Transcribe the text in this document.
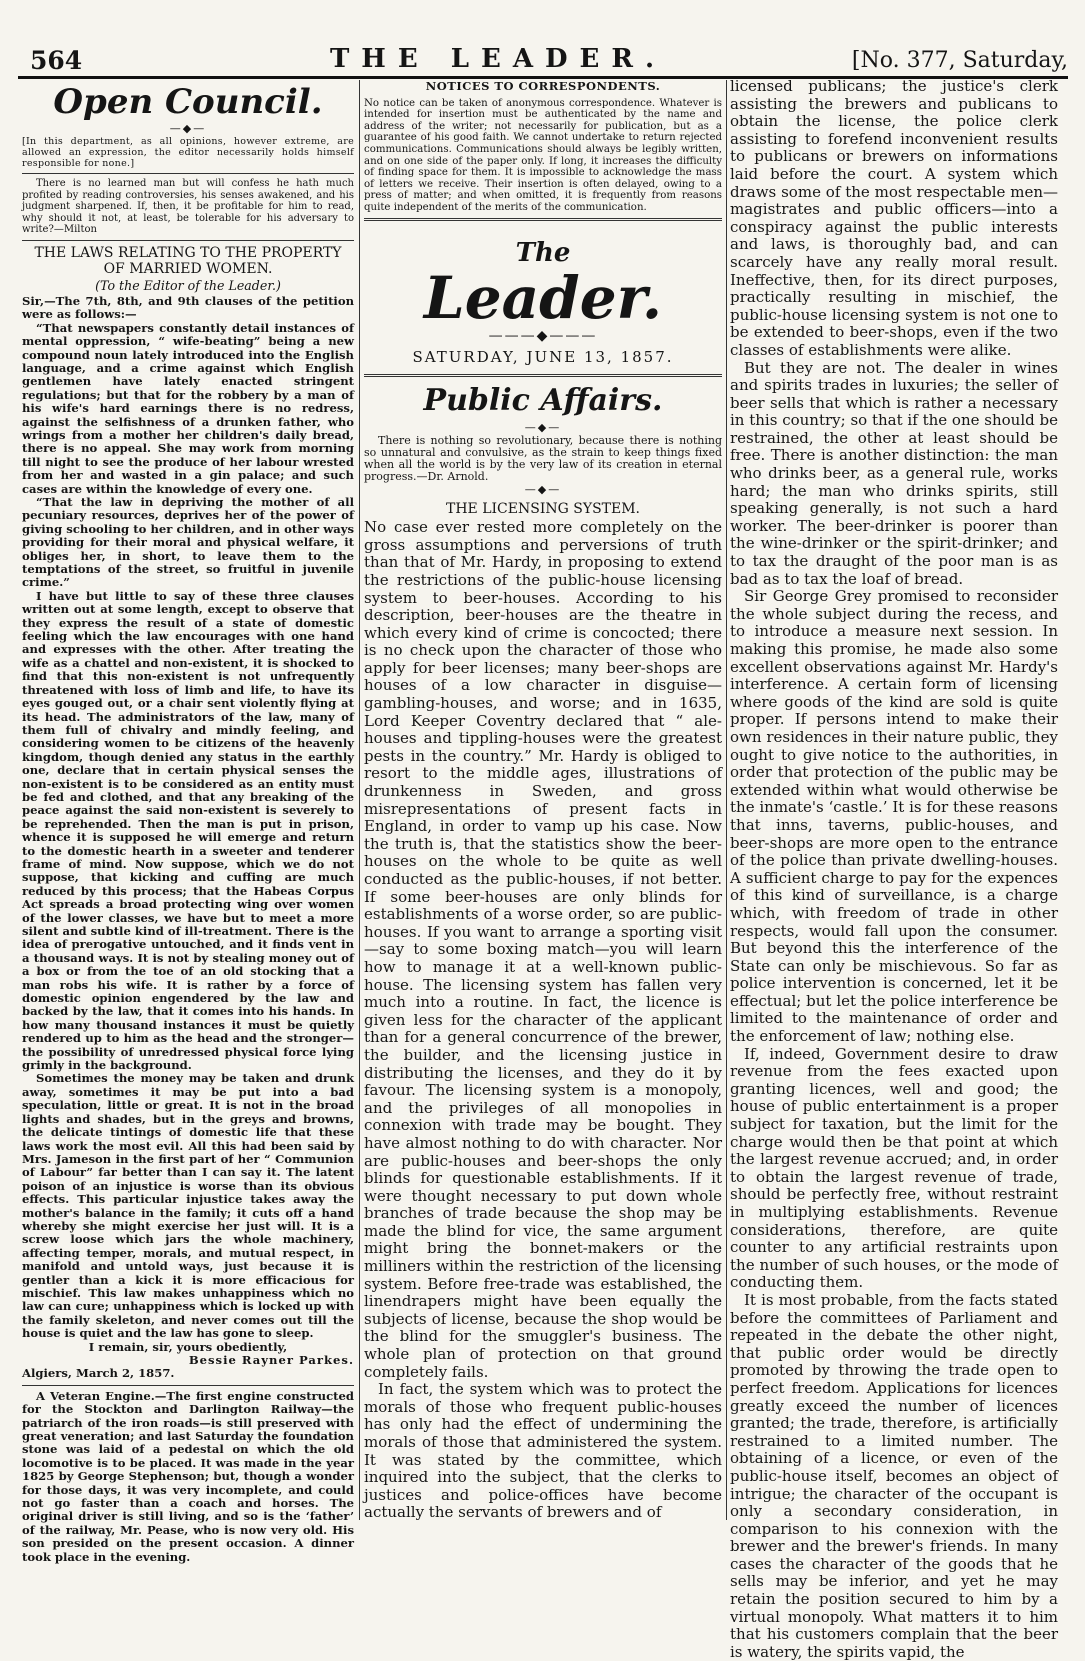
564	THE LEADER.	[No. 377, Saturday,
Open Council.
—◆—

[In this department, as all opinions, however extreme, are allowed an expression, the editor necessarily holds himself responsible for none.]

There is no learned man but will confess he hath much profited by reading controversies, his senses awakened, and his judgment sharpened. If, then, it be profitable for him to read, why should it not, at least, be tolerable for his adversary to write?—Milton

THE LAWS RELATING TO THE PROPERTY OF MARRIED WOMEN.
(To the Editor of the Leader.)

Sir,—The 7th, 8th, and 9th clauses of the petition were as follows:—

“That newspapers constantly detail instances of mental oppression, “ wife-beating” being a new compound noun lately introduced into the English language, and a crime against which English gentlemen have lately enacted stringent regulations; but that for the robbery by a man of his wife's hard earnings there is no redress, against the selfishness of a drunken father, who wrings from a mother her children's daily bread, there is no appeal. She may work from morning till night to see the produce of her labour wrested from her and wasted in a gin palace; and such cases are within the knowledge of every one.

“That the law in depriving the mother of all pecuniary resources, deprives her of the power of giving schooling to her children, and in other ways providing for their moral and physical welfare, it obliges her, in short, to leave them to the temptations of the street, so fruitful in juvenile crime.”

I have but little to say of these three clauses written out at some length, except to observe that they express the result of a state of domestic feeling which the law encourages with one hand and expresses with the other. After treating the wife as a chattel and non-existent, it is shocked to find that this non-existent is not unfrequently threatened with loss of limb and life, to have its eyes gouged out, or a chair sent violently flying at its head. The administrators of the law, many of them full of chivalry and mindly feeling, and considering women to be citizens of the heavenly kingdom, though denied any status in the earthly one, declare that in certain physical senses the non-existent is to be considered as an entity must be fed and clothed, and that any breaking of the peace against the said non-existent is severely to be reprehended. Then the man is put in prison, whence it is supposed he will emerge and return to the domestic hearth in a sweeter and tenderer frame of mind. Now suppose, which we do not suppose, that kicking and cuffing are much reduced by this process; that the Habeas Corpus Act spreads a broad protecting wing over women of the lower classes, we have but to meet a more silent and subtle kind of ill-treatment. There is the idea of prerogative untouched, and it finds vent in a thousand ways. It is not by stealing money out of a box or from the toe of an old stocking that a man robs his wife. It is rather by a force of domestic opinion engendered by the law and backed by the law, that it comes into his hands. In how many thousand instances it must be quietly rendered up to him as the head and the stronger—the possibility of unredressed physical force lying grimly in the background.

Sometimes the money may be taken and drunk away, sometimes it may be put into a bad speculation, little or great. It is not in the broad lights and shades, but in the greys and browns, the delicate tintings of domestic life that these laws work the most evil. All this had been said by Mrs. Jameson in the first part of her “ Communion of Labour” far better than I can say it. The latent poison of an injustice is worse than its obvious effects. This particular injustice takes away the mother's balance in the family; it cuts off a hand whereby she might exercise her just will. It is a screw loose which jars the whole machinery, affecting temper, morals, and mutual respect, in manifold and untold ways, just because it is gentler than a kick it is more efficacious for mischief. This law makes unhappiness which no law can cure; unhappiness which is locked up with the family skeleton, and never comes out till the house is quiet and the law has gone to sleep.

I remain, sir, yours obediently,

Bessie Rayner Parkes.

Algiers, March 2, 1857.

A Veteran Engine.—The first engine constructed for the Stockton and Darlington Railway—the patriarch of the iron roads—is still preserved with great veneration; and last Saturday the foundation stone was laid of a pedestal on which the old locomotive is to be placed. It was made in the year 1825 by George Stephenson; but, though a wonder for those days, it was very incomplete, and could not go faster than a coach and horses. The original driver is still living, and so is the ‘father’ of the railway, Mr. Pease, who is now very old. His son presided on the present occasion. A dinner took place in the evening.

NOTICES TO CORRESPONDENTS.

No notice can be taken of anonymous correspondence. Whatever is intended for insertion must be authenticated by the name and address of the writer; not necessarily for publication, but as a guarantee of his good faith. We cannot undertake to return rejected communications. Communications should always be legibly written, and on one side of the paper only. If long, it increases the difficulty of finding space for them. It is impossible to acknowledge the mass of letters we receive. Their insertion is often delayed, owing to a press of matter; and when omitted, it is frequently from reasons quite independent of the merits of the communication.

The
Leader.
———◆———
SATURDAY, JUNE 13, 1857.
Public Affairs.
—◆—

There is nothing so revolutionary, because there is nothing so unnatural and convulsive, as the strain to keep things fixed when all the world is by the very law of its creation in eternal progress.—Dr. Arnold.

—◆—
THE LICENSING SYSTEM.

No case ever rested more completely on the gross assumptions and perversions of truth than that of Mr. Hardy, in proposing to extend the restrictions of the public-house licensing system to beer-houses. According to his description, beer-houses are the theatre in which every kind of crime is concocted; there is no check upon the character of those who apply for beer licenses; many beer-shops are houses of a low character in disguise—gambling-houses, and worse; and in 1635, Lord Keeper Coventry declared that “ ale-houses and tippling-houses were the greatest pests in the country.” Mr. Hardy is obliged to resort to the middle ages, illustrations of drunkenness in Sweden, and gross misrepresentations of present facts in England, in order to vamp up his case. Now the truth is, that the statistics show the beer-houses on the whole to be quite as well conducted as the public-houses, if not better. If some beer-houses are only blinds for establishments of a worse order, so are public-houses. If you want to arrange a sporting visit—say to some boxing match—you will learn how to manage it at a well-known public-house. The licensing system has fallen very much into a routine. In fact, the licence is given less for the character of the applicant than for a general concurrence of the brewer, the builder, and the licensing justice in distributing the licenses, and they do it by favour. The licensing system is a monopoly, and the privileges of all monopolies in connexion with trade may be bought. They have almost nothing to do with character. Nor are public-houses and beer-shops the only blinds for questionable establishments. If it were thought necessary to put down whole branches of trade because the shop may be made the blind for vice, the same argument might bring the bonnet-makers or the milliners within the restriction of the licensing system. Before free-trade was established, the linendrapers might have been equally the subjects of license, because the shop would be the blind for the smuggler's business. The whole plan of protection on that ground completely fails.

In fact, the system which was to protect the morals of those who frequent public-houses has only had the effect of undermining the morals of those that administered the system. It was stated by the committee, which inquired into the subject, that the clerks to justices and police-offices have become actually the servants of brewers and of

licensed publicans; the justice's clerk assisting the brewers and publicans to obtain the license, the police clerk assisting to forefend inconvenient results to publicans or brewers on informations laid before the court. A system which draws some of the most respectable men—magistrates and public officers—into a conspiracy against the public interests and laws, is thoroughly bad, and can scarcely have any really moral result. Ineffective, then, for its direct purposes, practically resulting in mischief, the public-house licensing system is not one to be extended to beer-shops, even if the two classes of establishments were alike.

But they are not. The dealer in wines and spirits trades in luxuries; the seller of beer sells that which is rather a necessary in this country; so that if the one should be restrained, the other at least should be free. There is another distinction: the man who drinks beer, as a general rule, works hard; the man who drinks spirits, still speaking generally, is not such a hard worker. The beer-drinker is poorer than the wine-drinker or the spirit-drinker; and to tax the draught of the poor man is as bad as to tax the loaf of bread.

Sir George Grey promised to reconsider the whole subject during the recess, and to introduce a measure next session. In making this promise, he made also some excellent observations against Mr. Hardy's interference. A certain form of licensing where goods of the kind are sold is quite proper. If persons intend to make their own residences in their nature public, they ought to give notice to the authorities, in order that protection of the public may be extended within what would otherwise be the inmate's ‘castle.’ It is for these reasons that inns, taverns, public-houses, and beer-shops are more open to the entrance of the police than private dwelling-houses. A sufficient charge to pay for the expences of this kind of surveillance, is a charge which, with freedom of trade in other respects, would fall upon the consumer. But beyond this the interference of the State can only be mischievous. So far as police intervention is concerned, let it be effectual; but let the police interference be limited to the maintenance of order and the enforcement of law; nothing else.

If, indeed, Government desire to draw revenue from the fees exacted upon granting licences, well and good; the house of public entertainment is a proper subject for taxation, but the limit for the charge would then be that point at which the largest revenue accrued; and, in order to obtain the largest revenue of trade, should be perfectly free, without restraint in multiplying establishments. Revenue considerations, therefore, are quite counter to any artificial restraints upon the number of such houses, or the mode of conducting them.

It is most probable, from the facts stated before the committees of Parliament and repeated in the debate the other night, that public order would be directly promoted by throwing the trade open to perfect freedom. Applications for licences greatly exceed the number of licences granted; the trade, therefore, is artificially restrained to a limited number. The obtaining of a licence, or even of the public-house itself, becomes an object of intrigue; the character of the occupant is only a secondary consideration, in comparison to his connexion with the brewer and the brewer's friends. In many cases the character of the goods that he sells may be inferior, and yet he may retain the position secured to him by a virtual monopoly. What matters it to him that his customers complain that the beer is watery, the spirits vapid, the
